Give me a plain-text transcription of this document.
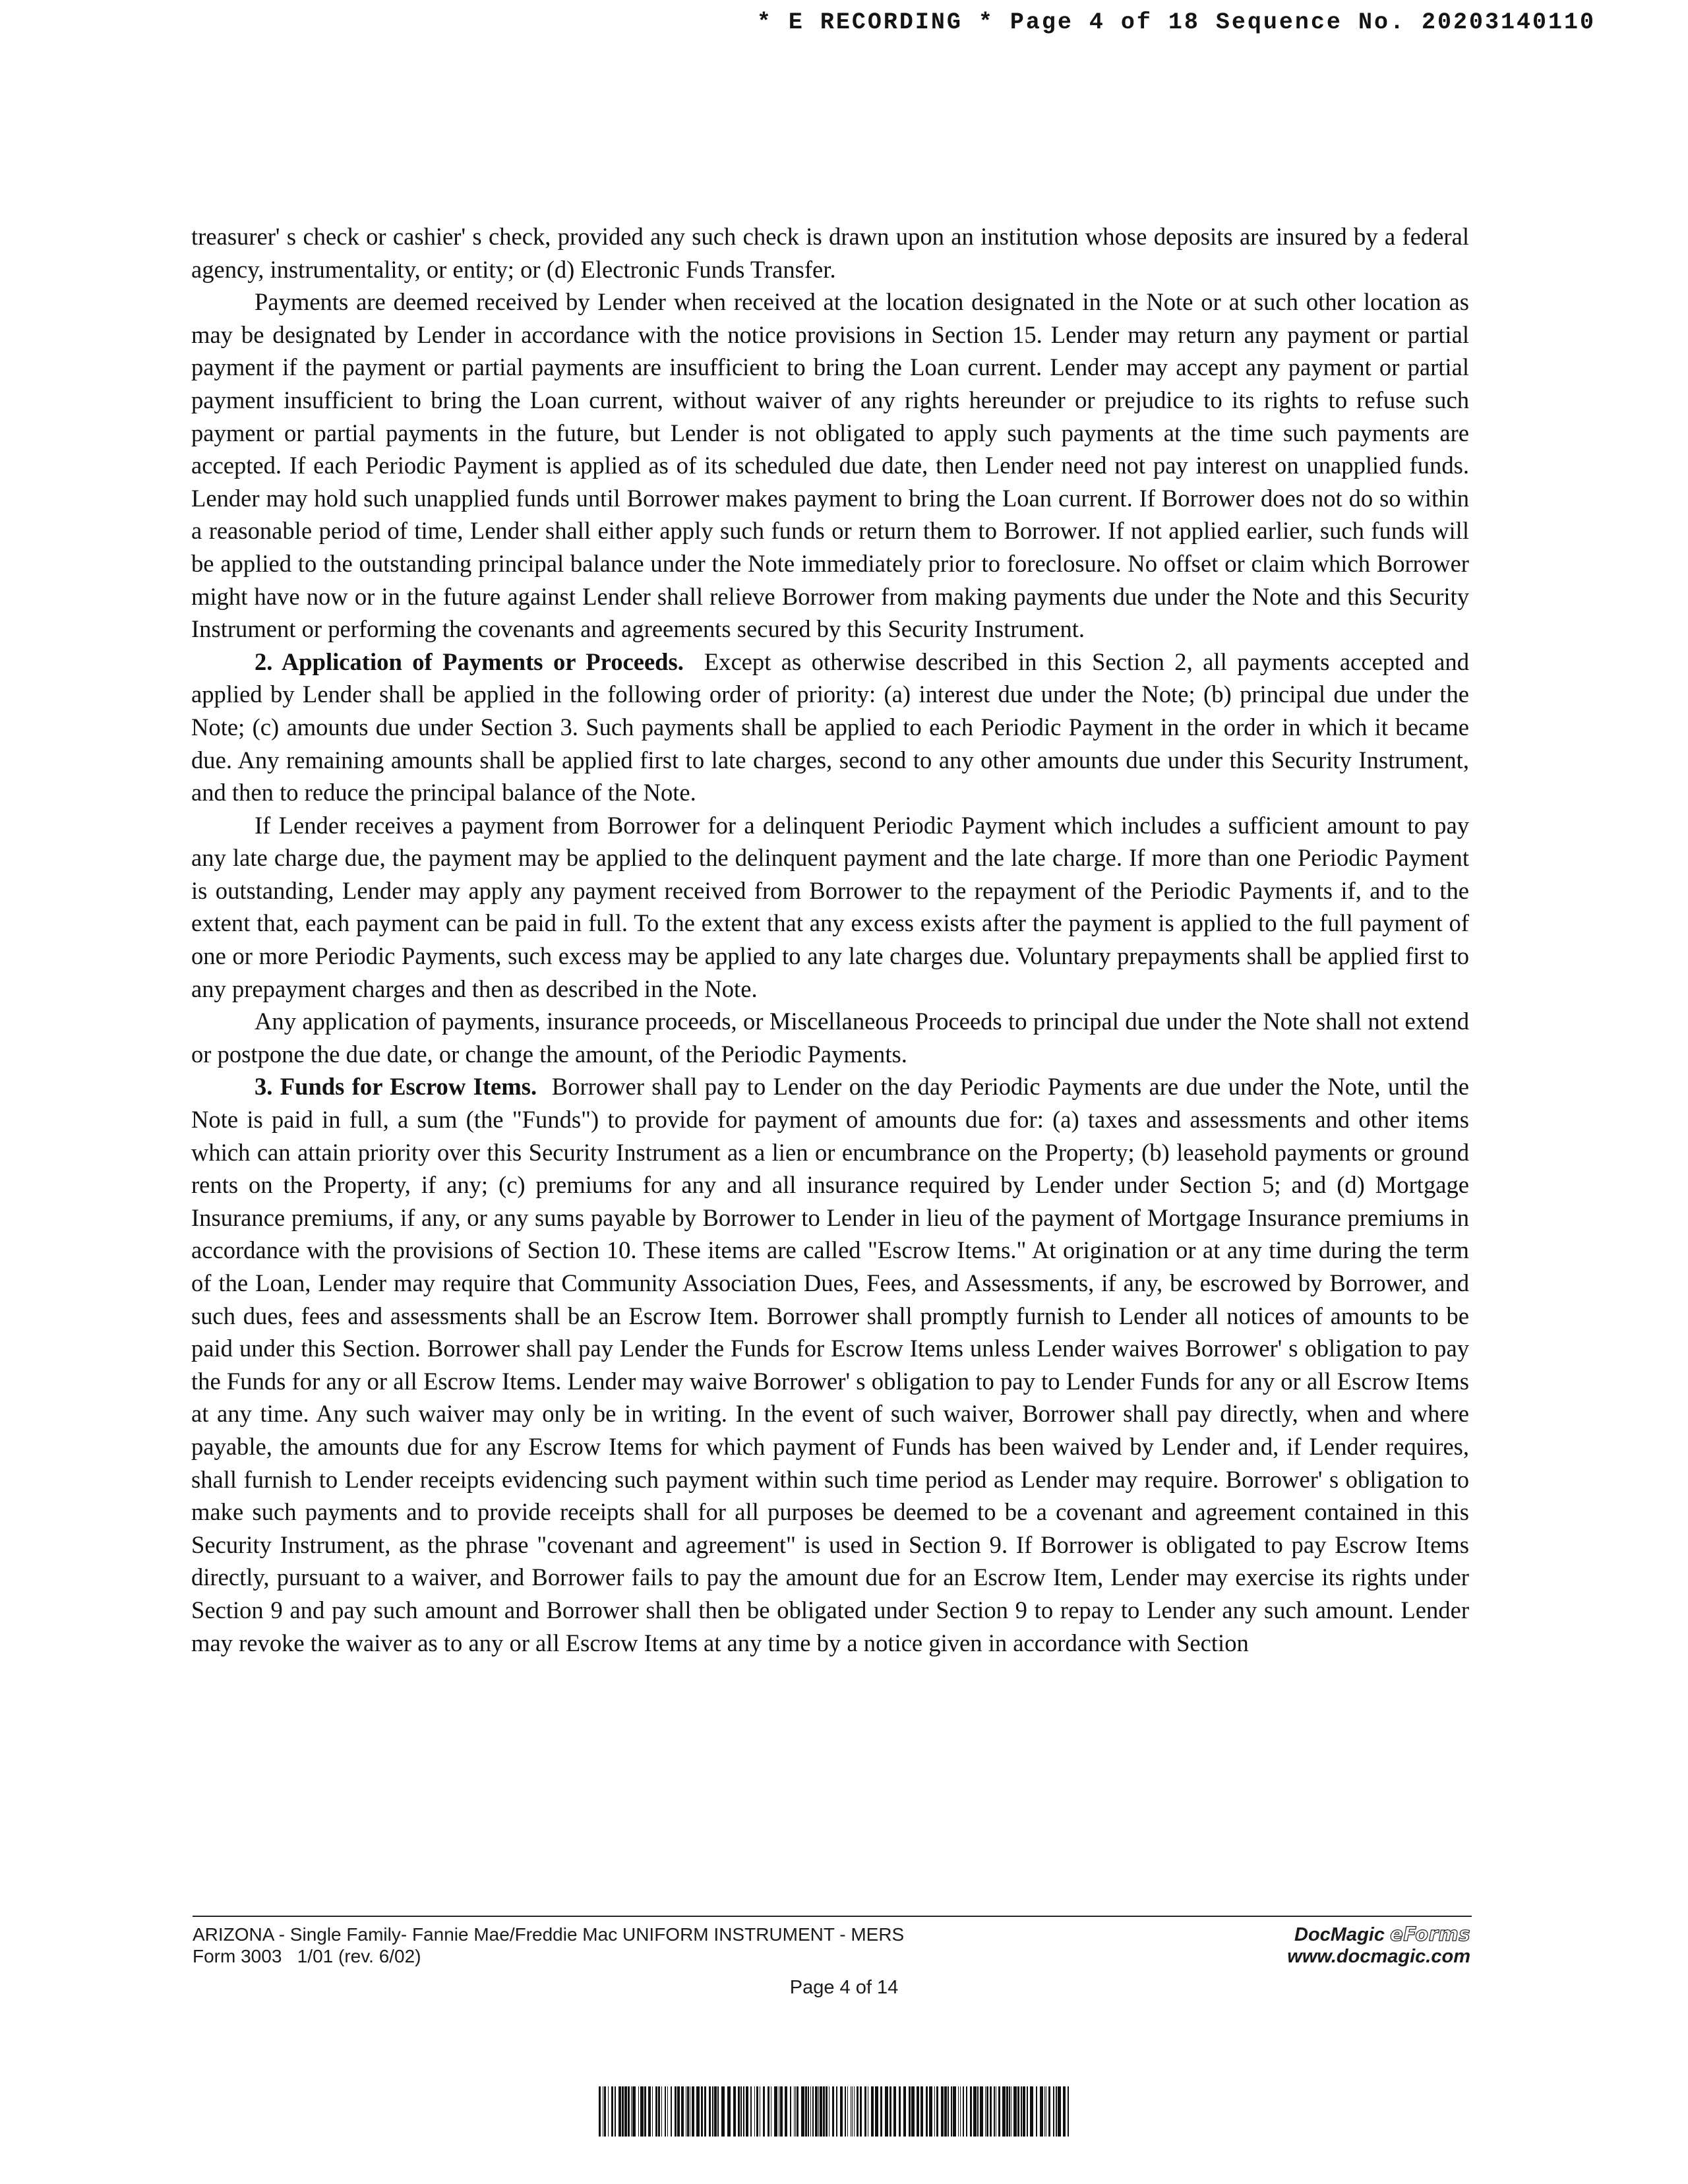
* E RECORDING * Page 4 of 18 Sequence No. 20203140110

treasurer' s check or cashier' s check, provided any such check is drawn upon an institution whose deposits are insured by a federal agency, instrumentality, or entity; or (d) Electronic Funds Transfer.

Payments are deemed received by Lender when received at the location designated in the Note or at such other location as may be designated by Lender in accordance with the notice provisions in Section 15. Lender may return any payment or partial payment if the payment or partial payments are insufficient to bring the Loan current. Lender may accept any payment or partial payment insufficient to bring the Loan current, without waiver of any rights hereunder or prejudice to its rights to refuse such payment or partial payments in the future, but Lender is not obligated to apply such payments at the time such payments are accepted. If each Periodic Payment is applied as of its scheduled due date, then Lender need not pay interest on unapplied funds. Lender may hold such unapplied funds until Borrower makes payment to bring the Loan current. If Borrower does not do so within a reasonable period of time, Lender shall either apply such funds or return them to Borrower. If not applied earlier, such funds will be applied to the outstanding principal balance under the Note immediately prior to foreclosure. No offset or claim which Borrower might have now or in the future against Lender shall relieve Borrower from making payments due under the Note and this Security Instrument or performing the covenants and agreements secured by this Security Instrument.

2. Application of Payments or Proceeds. Except as otherwise described in this Section 2, all payments accepted and applied by Lender shall be applied in the following order of priority: (a) interest due under the Note; (b) principal due under the Note; (c) amounts due under Section 3. Such payments shall be applied to each Periodic Payment in the order in which it became due. Any remaining amounts shall be applied first to late charges, second to any other amounts due under this Security Instrument, and then to reduce the principal balance of the Note.

If Lender receives a payment from Borrower for a delinquent Periodic Payment which includes a sufficient amount to pay any late charge due, the payment may be applied to the delinquent payment and the late charge. If more than one Periodic Payment is outstanding, Lender may apply any payment received from Borrower to the repayment of the Periodic Payments if, and to the extent that, each payment can be paid in full. To the extent that any excess exists after the payment is applied to the full payment of one or more Periodic Payments, such excess may be applied to any late charges due. Voluntary prepayments shall be applied first to any prepayment charges and then as described in the Note.

Any application of payments, insurance proceeds, or Miscellaneous Proceeds to principal due under the Note shall not extend or postpone the due date, or change the amount, of the Periodic Payments.

3. Funds for Escrow Items. Borrower shall pay to Lender on the day Periodic Payments are due under the Note, until the Note is paid in full, a sum (the "Funds") to provide for payment of amounts due for: (a) taxes and assessments and other items which can attain priority over this Security Instrument as a lien or encumbrance on the Property; (b) leasehold payments or ground rents on the Property, if any; (c) premiums for any and all insurance required by Lender under Section 5; and (d) Mortgage Insurance premiums, if any, or any sums payable by Borrower to Lender in lieu of the payment of Mortgage Insurance premiums in accordance with the provisions of Section 10. These items are called "Escrow Items." At origination or at any time during the term of the Loan, Lender may require that Community Association Dues, Fees, and Assessments, if any, be escrowed by Borrower, and such dues, fees and assessments shall be an Escrow Item. Borrower shall promptly furnish to Lender all notices of amounts to be paid under this Section. Borrower shall pay Lender the Funds for Escrow Items unless Lender waives Borrower' s obligation to pay the Funds for any or all Escrow Items. Lender may waive Borrower' s obligation to pay to Lender Funds for any or all Escrow Items at any time. Any such waiver may only be in writing. In the event of such waiver, Borrower shall pay directly, when and where payable, the amounts due for any Escrow Items for which payment of Funds has been waived by Lender and, if Lender requires, shall furnish to Lender receipts evidencing such payment within such time period as Lender may require. Borrower' s obligation to make such payments and to provide receipts shall for all purposes be deemed to be a covenant and agreement contained in this Security Instrument, as the phrase "covenant and agreement" is used in Section 9. If Borrower is obligated to pay Escrow Items directly, pursuant to a waiver, and Borrower fails to pay the amount due for an Escrow Item, Lender may exercise its rights under Section 9 and pay such amount and Borrower shall then be obligated under Section 9 to repay to Lender any such amount. Lender may revoke the waiver as to any or all Escrow Items at any time by a notice given in accordance with Section

ARIZONA - Single Family- Fannie Mae/Freddie Mac UNIFORM INSTRUMENT - MERS
Form 3003   1/01 (rev. 6/02)
DocMagic eForms
www.docmagic.com
Page 4 of 14
